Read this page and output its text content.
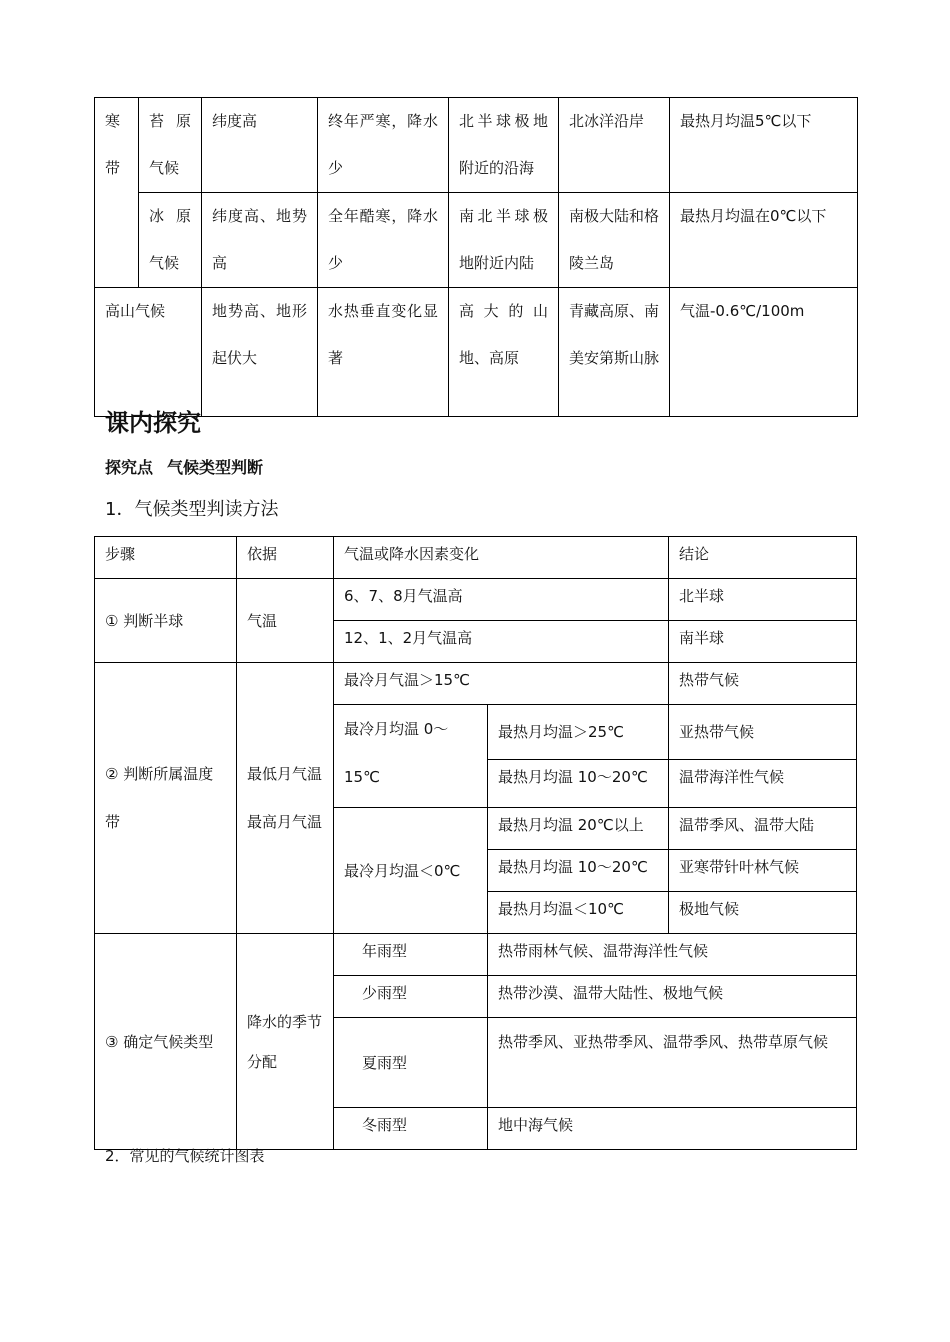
寒带	苔原气候	纬度高	终年严寒，降水少	北半球极地附近的沿海	北冰洋沿岸	最热月均温5℃以下
	冰原气候	纬度高、地势高	全年酷寒，降水少	南北半球极地附近内陆	南极大陆和格陵兰岛	最热月均温在0℃以下
高山气候		地势高、地形起伏大	水热垂直变化显著	高大的山地、高原	青藏高原、南美安第斯山脉	气温-0.6℃/100m
课内探究
探究点 气候类型判断
1．气候类型判读方法
步骤	依据	气温或降水因素变化		结论
① 判断半球	气温	6、7、8月气温高		北半球
		12、1、2月气温高		南半球
② 判断所属温度带	最低月气温 最高月气温	最冷月气温＞15℃		热带气候
		最冷月均温 0～15℃	最热月均温＞25℃	亚热带气候
			最热月均温 10～20℃	温带海洋性气候
		最冷月均温＜0℃	最热月均温 20℃以上	温带季风、温带大陆
			最热月均温 10～20℃	亚寒带针叶林气候
			最热月均温＜10℃	极地气候
③ 确定气候类型	降水的季节分配	年雨型	热带雨林气候、温带海洋性气候	
		少雨型	热带沙漠、温带大陆性、极地气候	
		夏雨型	热带季风、亚热带季风、温带季风、热带草原气候	
		冬雨型	地中海气候	
2．常见的气候统计图表
